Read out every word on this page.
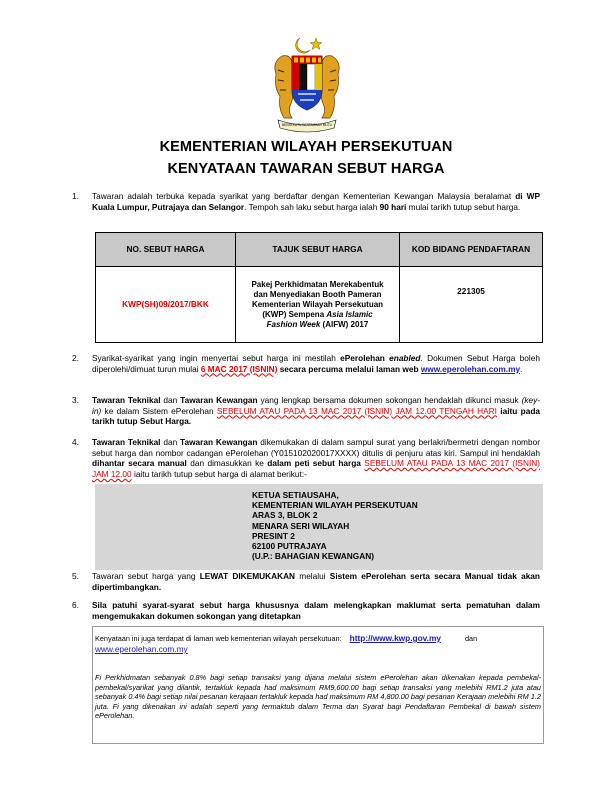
BERSEKUTU BERTAMBAH MUTU
KEMENTERIAN WILAYAH PERSEKUTUAN
KENYATAAN TAWARAN SEBUT HARGA
1. Tawaran adalah terbuka kepada syarikat yang berdaftar dengan Kementerian Kewangan Malaysia beralamat di WP Kuala Lumpur, Putrajaya dan Selangor. Tempoh sah laku sebut harga ialah 90 hari mulai tarikh tutup sebut harga.
NO. SEBUT HARGA	TAJUK SEBUT HARGA	KOD BIDANG PENDAFTARAN
KWP(SH)09/2017/BKK	Pakej Perkhidmatan Merekabentuk dan Menyediakan Booth Pameran Kementerian Wilayah Persekutuan (KWP) Sempena Asia Islamic Fashion Week (AIFW) 2017	221305
2. Syarikat-syarikat yang ingin menyertai sebut harga ini mestilah ePerolehan enabled. Dokumen Sebut Harga boleh diperolehi/dimuat turun mulai 6 MAC 2017 (ISNIN) secara percuma melalui laman web www.eperolehan.com.my.
3. Tawaran Teknikal dan Tawaran Kewangan yang lengkap bersama dokumen sokongan hendaklah dikunci masuk (key-in) ke dalam Sistem ePerolehan SEBELUM ATAU PADA 13 MAC 2017 (ISNIN) JAM 12.00 TENGAH HARI iaitu pada tarikh tutup Sebut Harga.
4. Tawaran Teknikal dan Tawaran Kewangan dikemukakan di dalam sampul surat yang berlakri/bermetri dengan nombor sebut harga dan nombor cadangan ePerolehan (Y015102020017XXXX) ditulis di penjuru atas kiri. Sampul ini hendaklah dihantar secara manual dan dimasukkan ke dalam peti sebut harga SEBELUM ATAU PADA 13 MAC 2017 (ISNIN) JAM 12.00 iaitu tarikh tutup sebut harga di alamat berikut:-
KETUA SETIAUSAHA,
KEMENTERIAN WILAYAH PERSEKUTUAN
ARAS 3, BLOK 2
MENARA SERI WILAYAH
PRESINT 2
62100 PUTRAJAYA
(U.P.: BAHAGIAN KEWANGAN)
5. Tawaran sebut harga yang LEWAT DIKEMUKAKAN melalui Sistem ePerolehan serta secara Manual tidak akan dipertimbangkan.
6. Sila patuhi syarat-syarat sebut harga khususnya dalam melengkapkan maklumat serta pematuhan dalam mengemukakan dokumen sokongan yang ditetapkan
Kenyataan ini juga terdapat di laman web kementerian wilayah persekutuan: http://www.kwp.gov.my	dan
www.eperolehan.com.my
Fi Perkhidmatan sebanyak 0.8% bagi setiap transaksi yang dijana melalui sistem ePerolehan akan dikenakan kepada pembekal-pembekal/syarikat yang dilantik, tertakluk kepada had maksimum RM9,600.00 bagi setiap transaksi yang melebihi RM1.2 juta atau sebanyak 0.4% bagi setiap nilai pesanan kerajaan tertakluk kepada had maksimum RM 4,800.00 bagi pesanan Kerajaan melebihi RM 1.2 juta. Fi yang dikenakan ini adalah seperti yang termaktub dalam Terma dan Syarat bagi Pendaftaran Pembekal di bawah sistem ePerolehan.
